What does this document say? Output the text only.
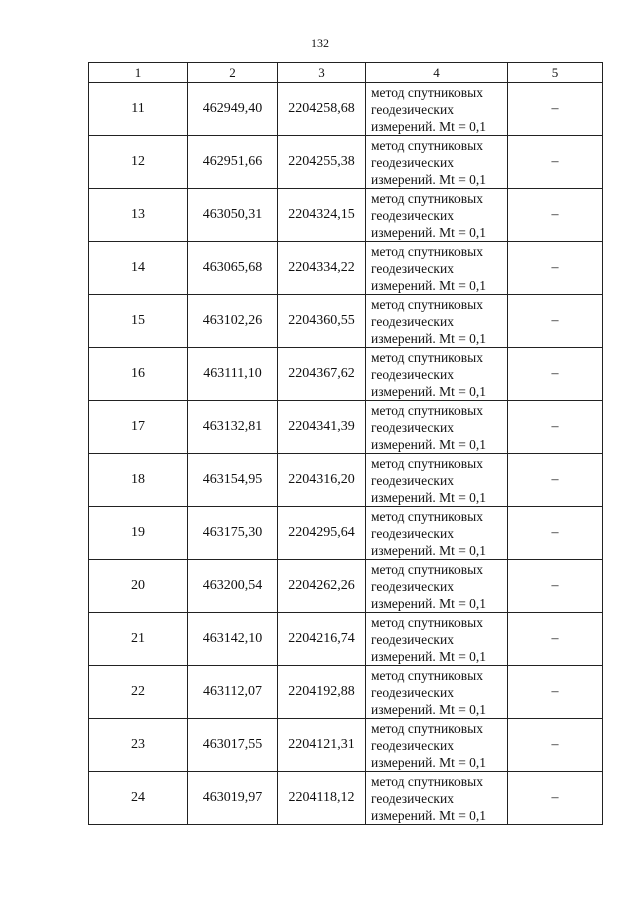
132
1	2	3	4	5
11	462949,40	2204258,68	метод спутниковых
геодезических
измерений. Mt = 0,1	–
12	462951,66	2204255,38	метод спутниковых
геодезических
измерений. Mt = 0,1	–
13	463050,31	2204324,15	метод спутниковых
геодезических
измерений. Mt = 0,1	–
14	463065,68	2204334,22	метод спутниковых
геодезических
измерений. Mt = 0,1	–
15	463102,26	2204360,55	метод спутниковых
геодезических
измерений. Mt = 0,1	–
16	463111,10	2204367,62	метод спутниковых
геодезических
измерений. Mt = 0,1	–
17	463132,81	2204341,39	метод спутниковых
геодезических
измерений. Mt = 0,1	–
18	463154,95	2204316,20	метод спутниковых
геодезических
измерений. Mt = 0,1	–
19	463175,30	2204295,64	метод спутниковых
геодезических
измерений. Mt = 0,1	–
20	463200,54	2204262,26	метод спутниковых
геодезических
измерений. Mt = 0,1	–
21	463142,10	2204216,74	метод спутниковых
геодезических
измерений. Mt = 0,1	–
22	463112,07	2204192,88	метод спутниковых
геодезических
измерений. Mt = 0,1	–
23	463017,55	2204121,31	метод спутниковых
геодезических
измерений. Mt = 0,1	–
24	463019,97	2204118,12	метод спутниковых
геодезических
измерений. Mt = 0,1	–
